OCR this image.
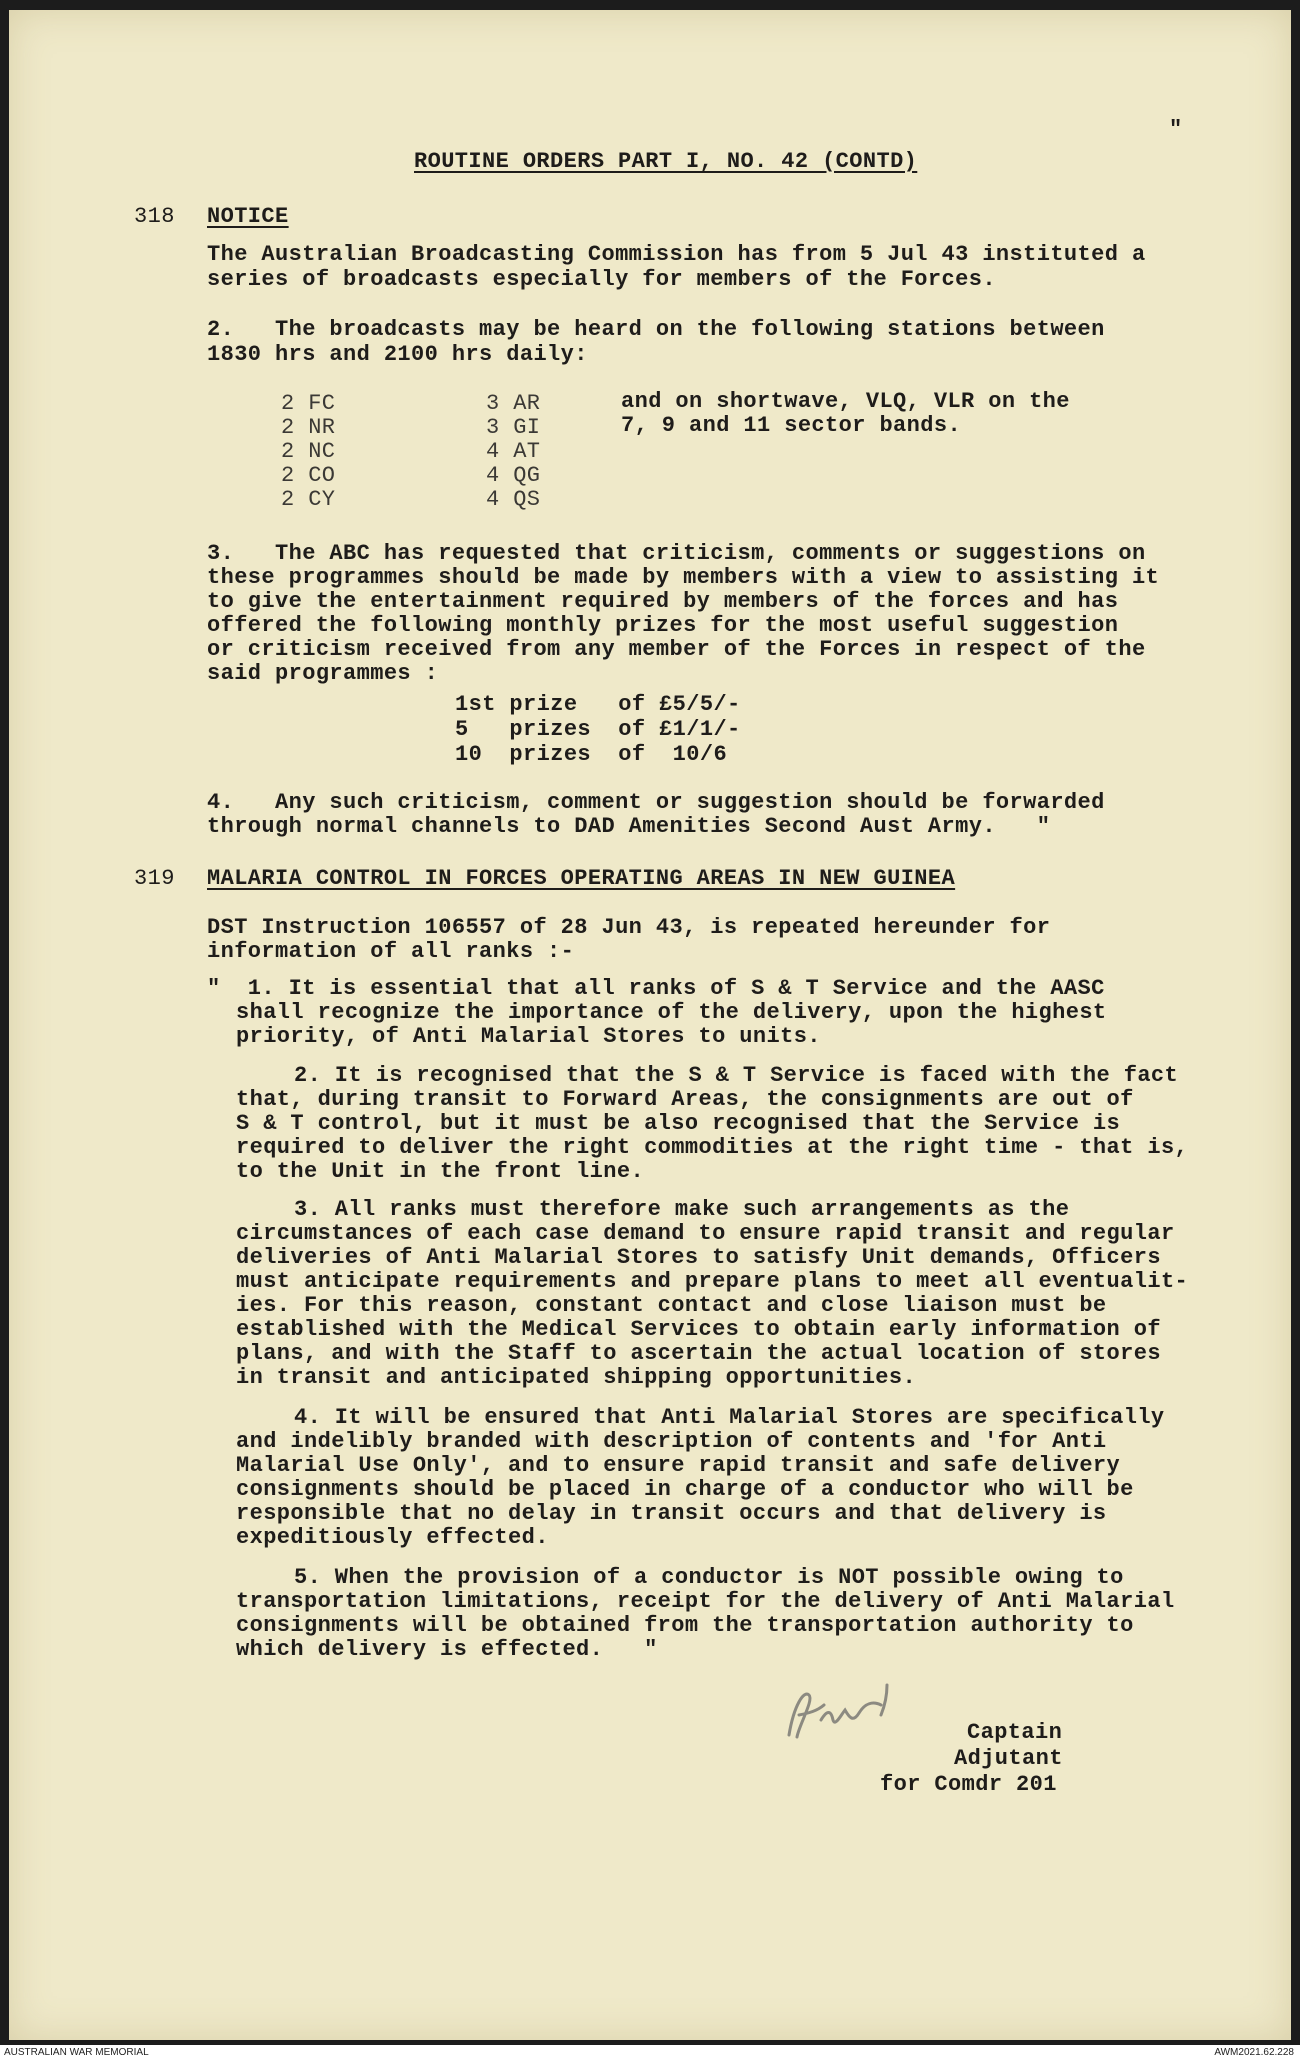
ROUTINE ORDERS PART I, NO. 42 (CONTD)
"
318 NOTICE
The Australian Broadcasting Commission has from 5 Jul 43 instituted a
series of broadcasts especially for members of the Forces.
2.   The broadcasts may be heard on the following stations between
1830 hrs and 2100 hrs daily:
2 FC
2 NR
2 NC
2 CO
2 CY
3 AR
3 GI
4 AT
4 QG
4 QS
and on shortwave, VLQ, VLR on the
7, 9 and 11 sector bands.
3.   The ABC has requested that criticism, comments or suggestions on
these programmes should be made by members with a view to assisting it
to give the entertainment required by members of the forces and has
offered the following monthly prizes for the most useful suggestion
or criticism received from any member of the Forces in respect of the
said programmes :
1st prize   of £5/5/-
5   prizes  of £1/1/-
10  prizes  of  10/6
4.   Any such criticism, comment or suggestion should be forwarded
through normal channels to DAD Amenities Second Aust Army.   "
319 MALARIA CONTROL IN FORCES OPERATING AREAS IN NEW GUINEA
DST Instruction 106557 of 28 Jun 43, is repeated hereunder for
information of all ranks :-
"  1. It is essential that all ranks of S & T Service and the AASC
shall recognize the importance of the delivery, upon the highest
priority, of Anti Malarial Stores to units.
2. It is recognised that the S & T Service is faced with the fact
that, during transit to Forward Areas, the consignments are out of
S & T control, but it must be also recognised that the Service is
required to deliver the right commodities at the right time - that is,
to the Unit in the front line.
3. All ranks must therefore make such arrangements as the
circumstances of each case demand to ensure rapid transit and regular
deliveries of Anti Malarial Stores to satisfy Unit demands, Officers
must anticipate requirements and prepare plans to meet all eventualit-
ies. For this reason, constant contact and close liaison must be
established with the Medical Services to obtain early information of
plans, and with the Staff to ascertain the actual location of stores
in transit and anticipated shipping opportunities.
4. It will be ensured that Anti Malarial Stores are specifically
and indelibly branded with description of contents and 'for Anti
Malarial Use Only', and to ensure rapid transit and safe delivery
consignments should be placed in charge of a conductor who will be
responsible that no delay in transit occurs and that delivery is
expeditiously effected.
5. When the provision of a conductor is NOT possible owing to
transportation limitations, receipt for the delivery of Anti Malarial
consignments will be obtained from the transportation authority to
which delivery is effected.   "
Captain
Adjutant
for Comdr 201
AUSTRALIAN WAR MEMORIAL	AWM2021.62.228
